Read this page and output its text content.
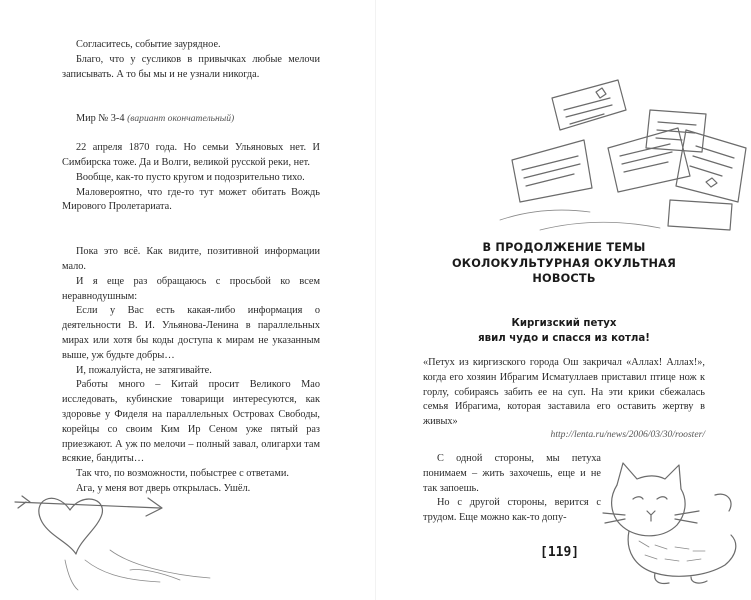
Согласитесь, событие заурядное.

Благо, что у сусликов в привычках любые мелочи записывать. А то бы мы и не узнали никогда.

Мир № 3-4 (вариант окончательный)

22 апреля 1870 года. Но семьи Ульяновых нет. И Симбирска тоже. Да и Волги, великой русской реки, нет.

Вообще, как-то пусто кругом и подозрительно тихо.

Маловероятно, что где-то тут может обитать Вождь Мирового Пролетариата.

Пока это всё. Как видите, позитивной информации мало.

И я еще раз обращаюсь с просьбой ко всем неравнодушным:

Если у Вас есть какая-либо информация о деятельности В. И. Ульянова-Ленина в параллельных мирах или хотя бы коды доступа к мирам не указанным выше, уж будьте добры…

И, пожалуйста, не затягивайте.

Работы много – Китай просит Великого Мао исследовать, кубинские товарищи интересуются, как здоровье у Фиделя на параллельных Островах Свободы, корейцы со своим Ким Ир Сеном уже пятый раз приезжают. А уж по мелочи – полный завал, олигархи там всякие, бандиты…

Так что, по возможности, побыстрее с ответами.

Ага, у меня вот дверь открылась. Ушёл.

В ПРОДОЛЖЕНИЕ ТЕМЫ
ОКОЛОКУЛЬТУРНАЯ ОКУЛЬТНАЯ
НОВОСТЬ
Киргизский петух
явил чудо и спасся из котла!

«Петух из киргизского города Ош закричал «Аллах! Аллах!», когда его хозяин Ибрагим Исматуллаев приставил птице нож к горлу, собираясь забить ее на суп. На эти крики сбежалась семья Ибрагима, которая заставила его оставить жертву в живых»

http://lenta.ru/news/2006/03/30/rooster/

С одной стороны, мы петуха понимаем – жить захочешь, еще и не так запоешь.

Но с другой стороны, верится с трудом. Еще можно как-то допу-

[119]
